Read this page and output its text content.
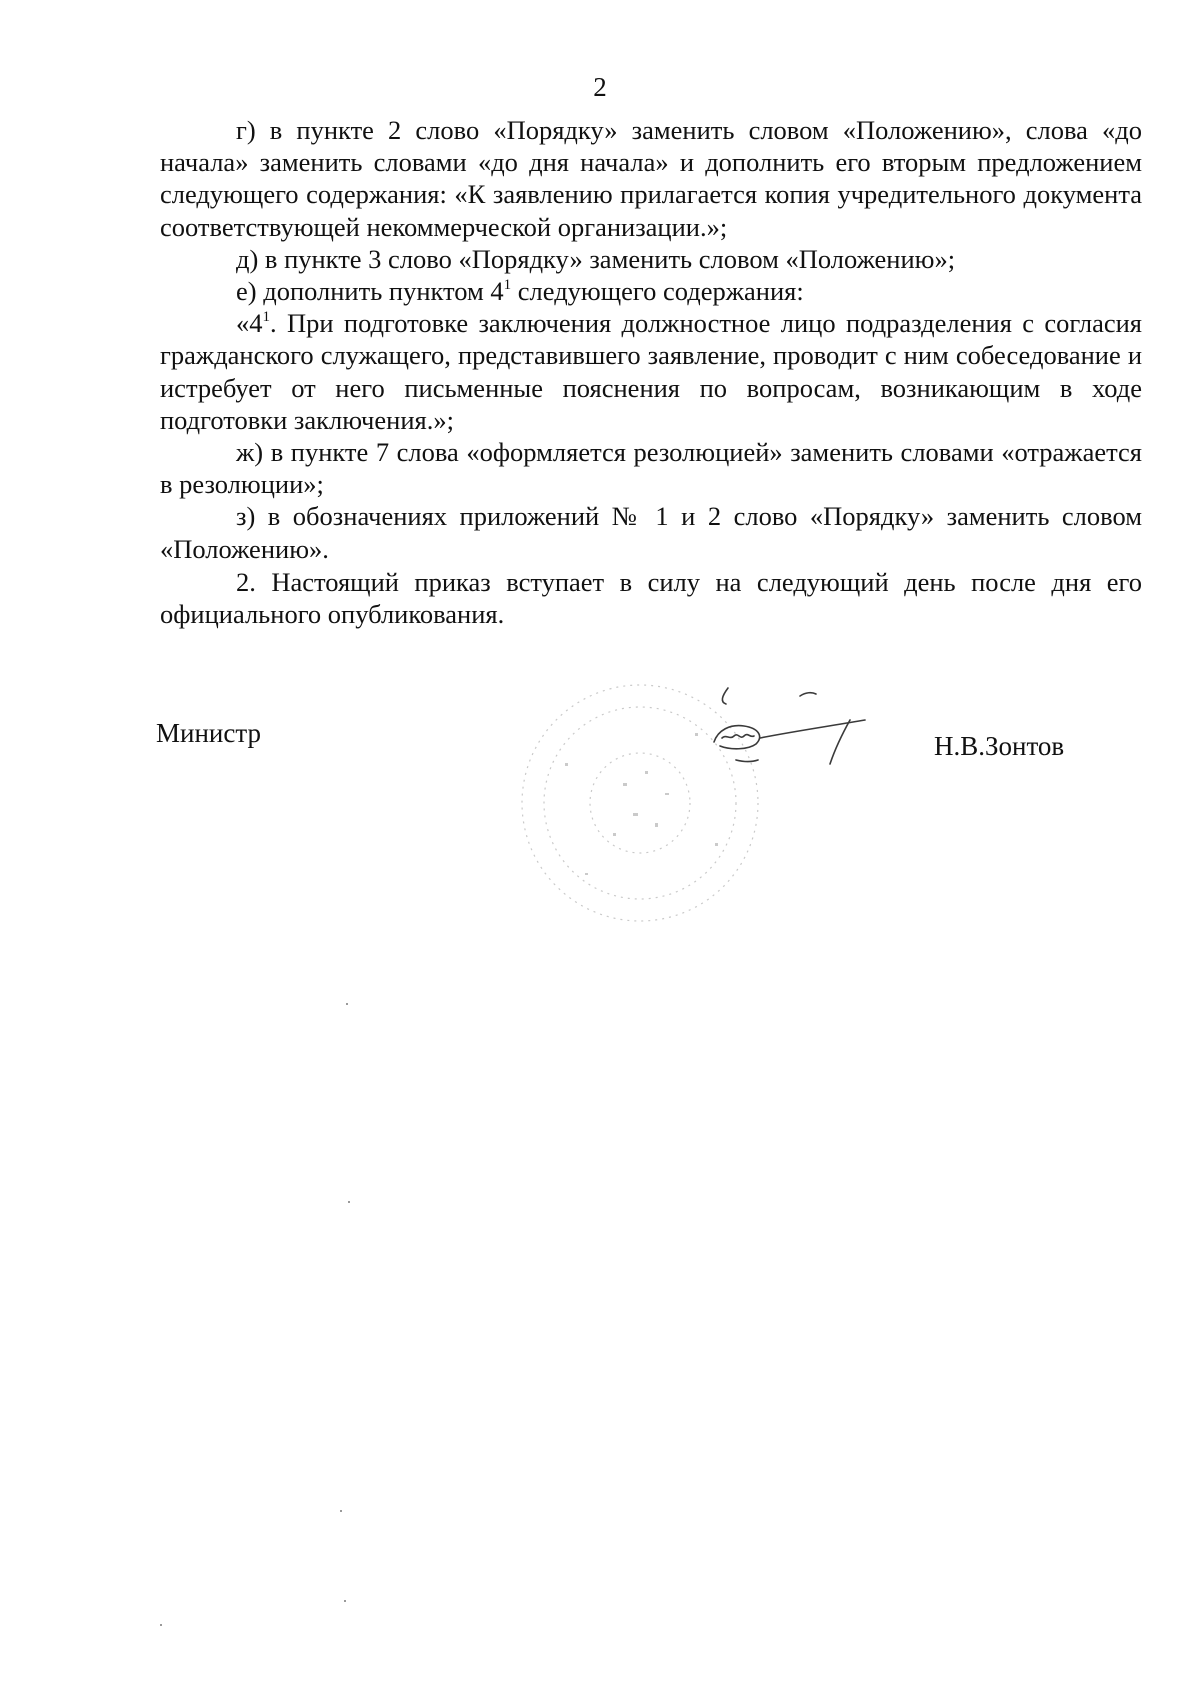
2

г) в пункте 2 слово «Порядку» заменить словом «Положению», слова «до начала» заменить словами «до дня начала» и дополнить его вторым предложением следующего содержания: «К заявлению прилагается копия учредительного документа соответствующей некоммерческой организации.»;

д) в пункте 3 слово «Порядку» заменить словом «Положению»;

е) дополнить пунктом $4^1$ следующего содержания:

«$4^1$. При подготовке заключения должностное лицо подразделения с согласия гражданского служащего, представившего заявление, проводит с ним собеседование и истребует от него письменные пояснения по вопросам, возникающим в ходе подготовки заключения.»;

ж) в пункте 7 слова «оформляется резолюцией» заменить словами «отражается в резолюции»;

з) в обозначениях приложений № 1 и 2 слово «Порядку» заменить словом «Положению».

2. Настоящий приказ вступает в силу на следующий день после дня его официального опубликования.

Министр	Н.В.Зонтов
